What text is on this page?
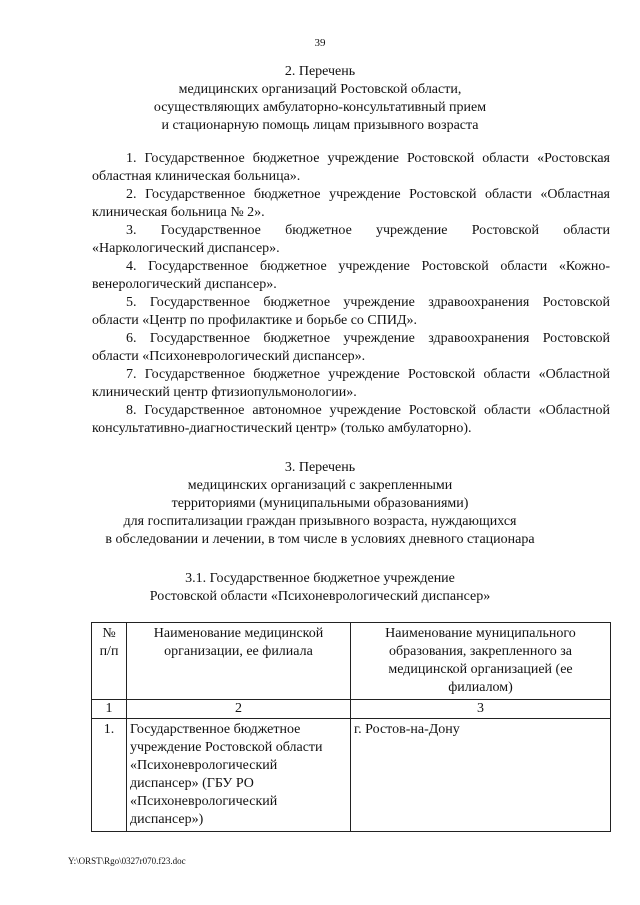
39
2. Перечень
медицинских организаций Ростовской области,
осуществляющих амбулаторно-консультативный прием
и стационарную помощь лицам призывного возраста

1. Государственное бюджетное учреждение Ростовской области «Ростовская областная клиническая больница».

2. Государственное бюджетное учреждение Ростовской области «Областная клиническая больница № 2».

3. Государственное бюджетное учреждение Ростовской области «Наркологический диспансер».

4. Государственное бюджетное учреждение Ростовской области «Кожно-венерологический диспансер».

5. Государственное бюджетное учреждение здравоохранения Ростовской области «Центр по профилактике и борьбе со СПИД».

6. Государственное бюджетное учреждение здравоохранения Ростовской области «Психоневрологический диспансер».

7. Государственное бюджетное учреждение Ростовской области «Областной клинический центр фтизиопульмонологии».

8. Государственное автономное учреждение Ростовской области «Областной консультативно-диагностический центр» (только амбулаторно).

3. Перечень
медицинских организаций с закрепленными
территориями (муниципальными образованиями)
для госпитализации граждан призывного возраста, нуждающихся
в обследовании и лечении, в том числе в условиях дневного стационара
3.1. Государственное бюджетное учреждение
Ростовской области «Психоневрологический диспансер»
№ п/п	Наименование медицинской организации, ее филиала	Наименование муниципального образования, закрепленного за медицинской организацией (ее филиалом)
1	2	3
1.	Государственное бюджетное учреждение Ростовской области «Психоневрологический диспансер» (ГБУ РО «Психоневрологический диспансер»)	г. Ростов-на-Дону
Y:\ORST\Rgo\0327r070.f23.doc
